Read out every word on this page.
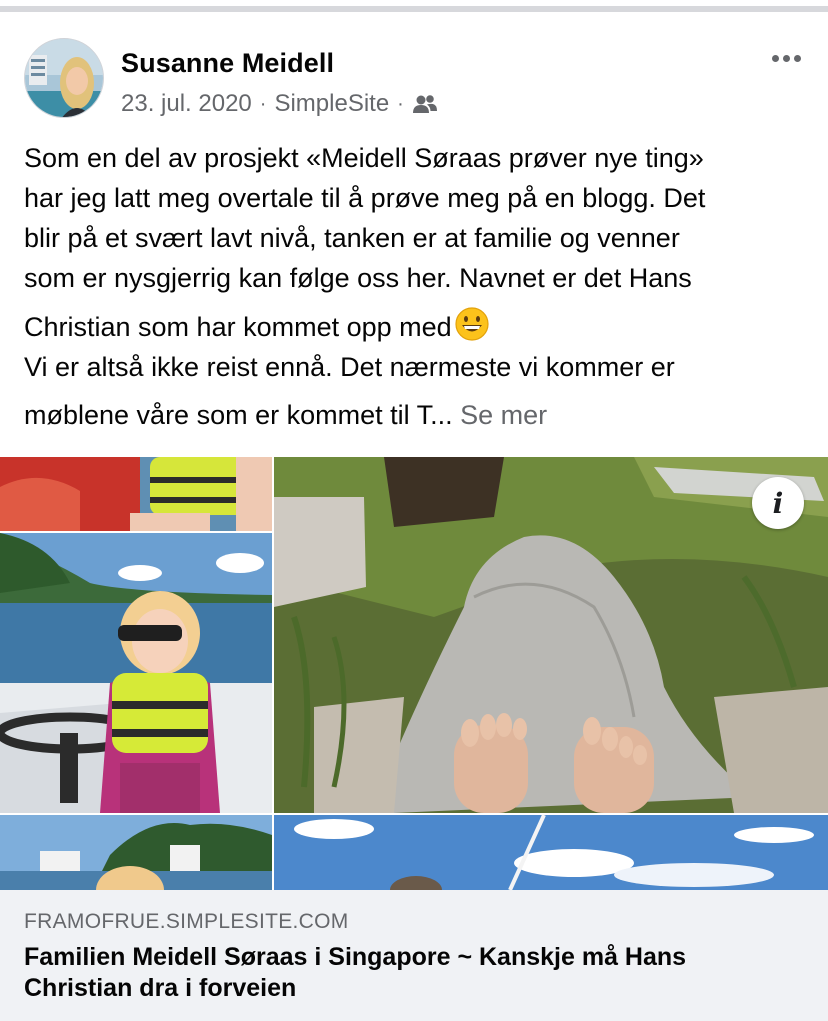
Susanne Meidell
23. jul. 2020 · SimpleSite ·

Som en del av prosjekt «Meidell Søraas prøver nye ting»

har jeg latt meg overtale til å prøve meg på en blogg. Det

blir på et svært lavt nivå, tanken er at familie og venner

som er nysgjerrig kan følge oss her. Navnet er det Hans

Christian som har kommet opp med

Vi er altså ikke reist ennå. Det nærmeste vi kommer er

møblene våre som er kommet til T... Se mer

i
FRAMOFRUE.SIMPLESITE.COM
Familien Meidell Søraas i Singapore ~ Kanskje må Hans
Christian dra i forveien
